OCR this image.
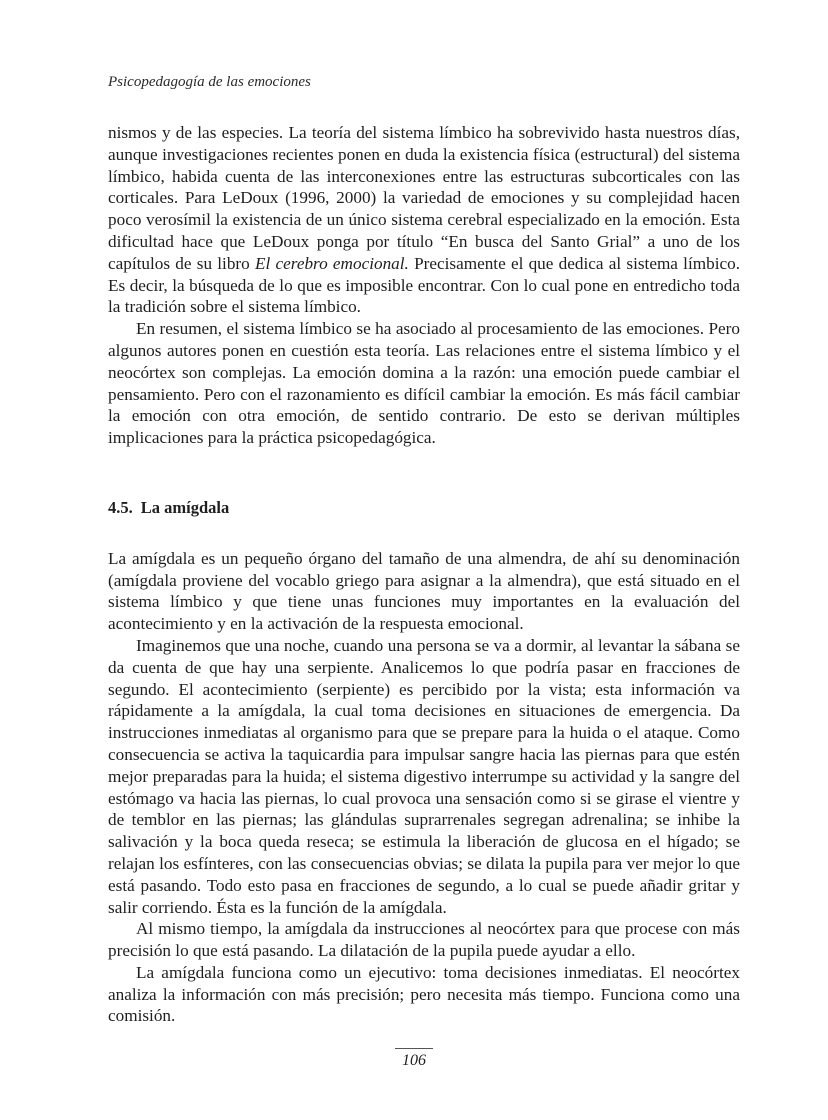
Psicopedagogía de las emociones

nismos y de las especies. La teoría del sistema límbico ha sobrevivido hasta nuestros días, aunque investigaciones recientes ponen en duda la existencia física (estructural) del sistema límbico, habida cuenta de las interconexiones entre las estructuras subcorticales con las corticales. Para LeDoux (1996, 2000) la variedad de emociones y su complejidad hacen poco verosímil la existencia de un único sistema cerebral especializado en la emoción. Esta dificultad hace que LeDoux ponga por título “En busca del Santo Grial” a uno de los capítulos de su libro El cerebro emocional. Precisamente el que dedica al sistema límbico. Es decir, la búsqueda de lo que es imposible encontrar. Con lo cual pone en entredicho toda la tradición sobre el sistema límbico.

En resumen, el sistema límbico se ha asociado al procesamiento de las emociones. Pero algunos autores ponen en cuestión esta teoría. Las relaciones entre el sistema límbico y el neocórtex son complejas. La emoción domina a la razón: una emoción puede cambiar el pensamiento. Pero con el razonamiento es difícil cambiar la emoción. Es más fácil cambiar la emoción con otra emoción, de sentido contrario. De esto se derivan múltiples implicaciones para la práctica psicopedagógica.

4.5. La amígdala

La amígdala es un pequeño órgano del tamaño de una almendra, de ahí su denominación (amígdala proviene del vocablo griego para asignar a la almendra), que está situado en el sistema límbico y que tiene unas funciones muy importantes en la evaluación del acontecimiento y en la activación de la respuesta emocional.

Imaginemos que una noche, cuando una persona se va a dormir, al levantar la sábana se da cuenta de que hay una serpiente. Analicemos lo que podría pasar en fracciones de segundo. El acontecimiento (serpiente) es percibido por la vista; esta información va rápidamente a la amígdala, la cual toma decisiones en situaciones de emergencia. Da instrucciones inmediatas al organismo para que se prepare para la huida o el ataque. Como consecuencia se activa la taquicardia para impulsar sangre hacia las piernas para que estén mejor preparadas para la huida; el sistema digestivo interrumpe su actividad y la sangre del estómago va hacia las piernas, lo cual provoca una sensación como si se girase el vientre y de temblor en las piernas; las glándulas suprarrenales segregan adrenalina; se inhibe la salivación y la boca queda reseca; se estimula la liberación de glucosa en el hígado; se relajan los esfínteres, con las consecuencias obvias; se dilata la pupila para ver mejor lo que está pasando. Todo esto pasa en fracciones de segundo, a lo cual se puede añadir gritar y salir corriendo. Ésta es la función de la amígdala.

Al mismo tiempo, la amígdala da instrucciones al neocórtex para que procese con más precisión lo que está pasando. La dilatación de la pupila puede ayudar a ello.

La amígdala funciona como un ejecutivo: toma decisiones inmediatas. El neocórtex analiza la información con más precisión; pero necesita más tiempo. Funciona como una comisión.

106
